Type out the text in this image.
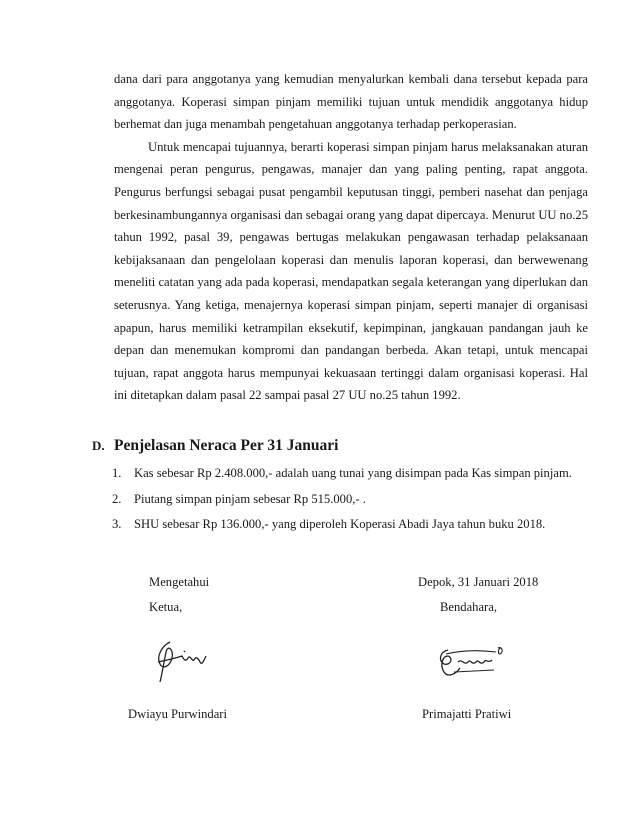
dana dari para anggotanya yang kemudian menyalurkan kembali dana tersebut kepada para anggotanya. Koperasi simpan pinjam memiliki tujuan untuk mendidik anggotanya hidup berhemat dan juga menambah pengetahuan anggotanya terhadap perkoperasian.

Untuk mencapai tujuannya, berarti koperasi simpan pinjam harus melaksanakan aturan mengenai peran pengurus, pengawas, manajer dan yang paling penting, rapat anggota. Pengurus berfungsi sebagai pusat pengambil keputusan tinggi, pemberi nasehat dan penjaga berkesinambungannya organisasi dan sebagai orang yang dapat dipercaya. Menurut UU no.25 tahun 1992, pasal 39, pengawas bertugas melakukan pengawasan terhadap pelaksanaan kebijaksanaan dan pengelolaan koperasi dan menulis laporan koperasi, dan berwewenang meneliti catatan yang ada pada koperasi, mendapatkan segala keterangan yang diperlukan dan seterusnya. Yang ketiga, menajernya koperasi simpan pinjam, seperti manajer di organisasi apapun, harus memiliki ketrampilan eksekutif, kepimpinan, jangkauan pandangan jauh ke depan dan menemukan kompromi dan pandangan berbeda. Akan tetapi, untuk mencapai tujuan, rapat anggota harus mempunyai kekuasaan tertinggi dalam organisasi koperasi. Hal ini ditetapkan dalam pasal 22 sampai pasal 27 UU no.25 tahun 1992.

D. Penjelasan Neraca Per 31 Januari
1. Kas sebesar Rp 2.408.000,- adalah uang tunai yang disimpan pada Kas simpan pinjam.
2. Piutang simpan pinjam sebesar Rp 515.000,- .
3. SHU sebesar Rp 136.000,- yang diperoleh Koperasi Abadi Jaya tahun buku 2018.
Mengetahui
Ketua,
Depok, 31 Januari 2018
Bendahara,
Dwiayu Purwindari	Primajatti Pratiwi
